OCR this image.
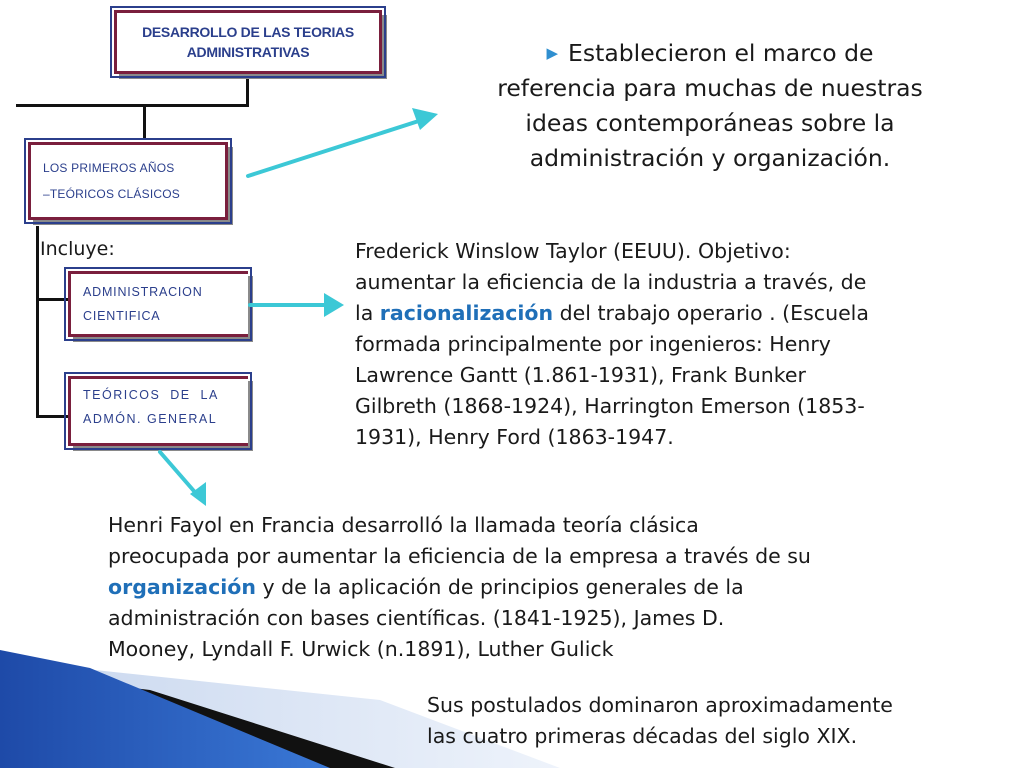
DESARROLLO DE LAS TEORIAS
ADMINISTRATIVAS
LOS PRIMEROS AÑOS
–TEÓRICOS CLÁSICOS
Incluye:
ADMINISTRACION
CIENTIFICA
TEÓRICOS  DE  LA
ADMÓN. GENERAL
▶ Establecieron el marco de
referencia para muchas de nuestras
ideas contemporáneas sobre la
administración y organización.
Frederick Winslow Taylor (EEUU). Objetivo:
aumentar la eficiencia de la industria a través, de
la racionalización del trabajo operario . (Escuela
formada principalmente por ingenieros: Henry
Lawrence Gantt (1.861-1931), Frank Bunker
Gilbreth (1868-1924), Harrington Emerson (1853-
1931), Henry Ford (1863-1947.
Henri Fayol en Francia desarrolló la llamada teoría clásica
preocupada por aumentar la eficiencia de la empresa a través de su
organización y de la aplicación de principios generales de la
administración con bases científicas. (1841-1925), James D.
Mooney, Lyndall F. Urwick (n.1891), Luther Gulick
Sus postulados dominaron aproximadamente
las cuatro primeras décadas del siglo XIX.
